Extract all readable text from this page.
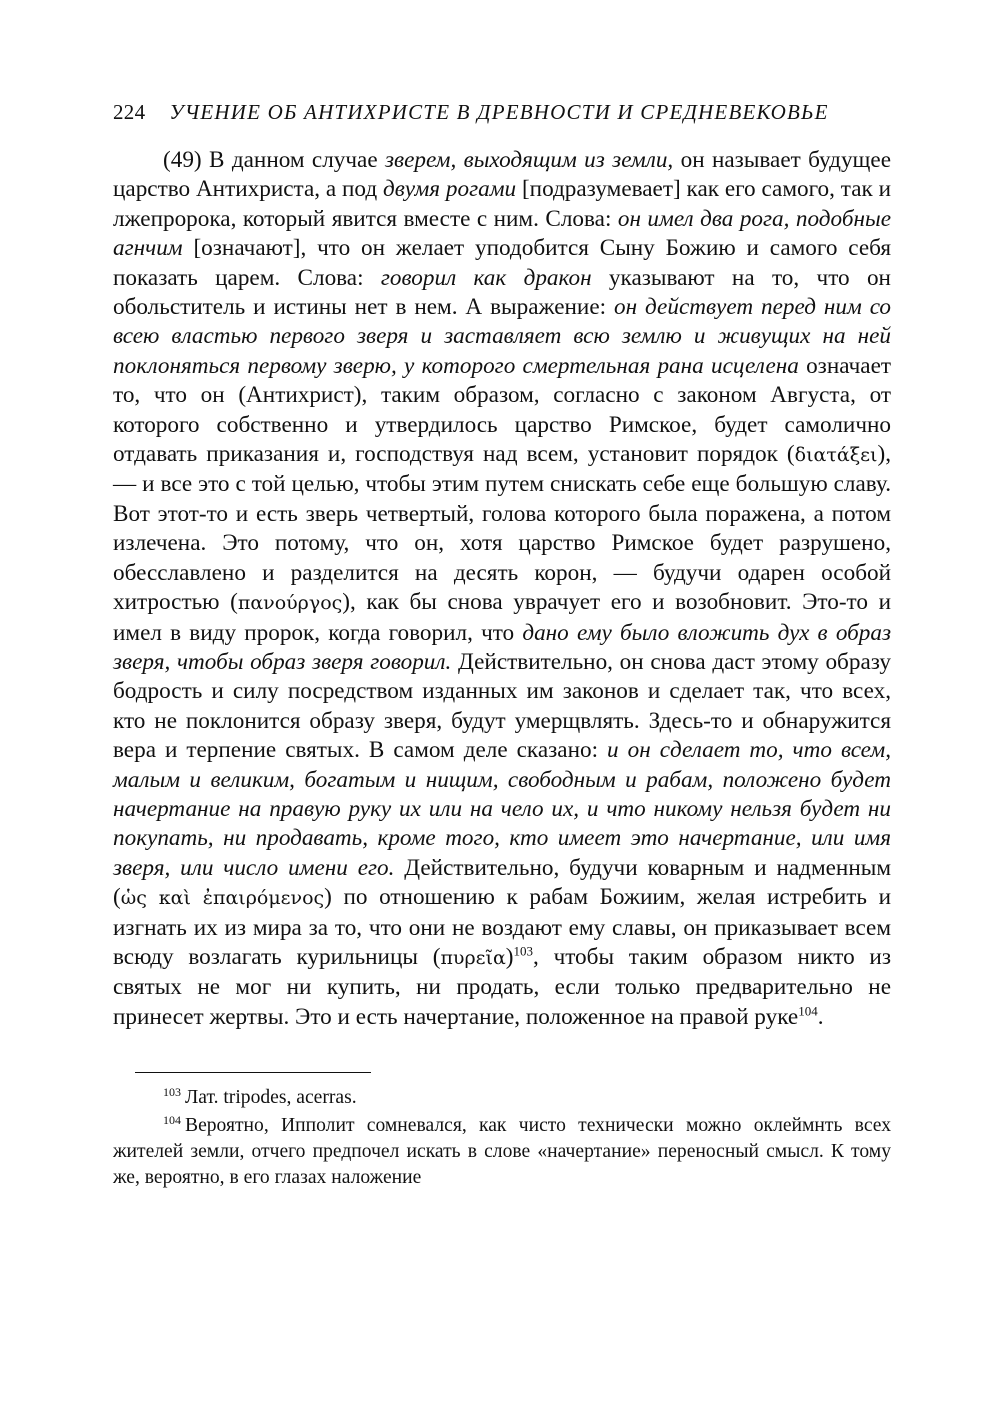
224 УЧЕНИЕ ОБ АНТИХРИСТЕ В ДРЕВНОСТИ И СРЕДНЕВЕКОВЬЕ

(49) В данном случае зверем, выходящим из земли, он называет будущее царство Антихриста, а под двумя рогами [подразумевает] как его самого, так и лжепророка, который явится вместе с ним. Слова: он имел два рога, подобные агнчим [означают], что он желает уподобится Сыну Божию и самого себя показать царем. Слова: говорил как дракон указывают на то, что он обольститель и истины нет в нем. А выражение: он действует перед ним со всею властью первого зверя и заставляет всю землю и живущих на ней поклоняться первому зверю, у которого смертельная рана исцелена означает то, что он (Антихрист), таким образом, согласно с законом Августа, от которого собственно и утвердилось царство Римское, будет самолично отдавать приказания и, господствуя над всем, установит порядок (διατάξει), — и все это с той целью, чтобы этим путем снискать себе еще большую славу. Вот этот-то и есть зверь четвертый, голова которого была поражена, а потом излечена. Это потому, что он, хотя царство Римское будет разрушено, обесславлено и разделится на десять корон, — будучи одарен особой хитростью (πανούργος), как бы снова уврачует его и возобновит. Это-то и имел в виду пророк, когда говорил, что дано ему было вложить дух в образ зверя, чтобы образ зверя говорил. Действительно, он снова даст этому образу бодрость и силу посредством изданных им законов и сделает так, что всех, кто не поклонится образу зверя, будут умерщвлять. Здесь-то и обнаружится вера и терпение святых. В самом деле сказано: и он сделает то, что всем, малым и великим, богатым и нищим, свободным и рабам, положено будет начертание на правую руку их или на чело их, и что никому нельзя будет ни покупать, ни продавать, кроме того, кто имеет это начертание, или имя зверя, или число имени его. Действительно, будучи коварным и надменным (ὡς καὶ ἐπαιρόμενος) по отношению к рабам Божиим, желая истребить и изгнать их из мира за то, что они не воздают ему славы, он приказывает всем всюду возлагать курильницы (πυρεῖα)$^{103}$, чтобы таким образом никто из святых не мог ни купить, ни продать, если только предварительно не принесет жертвы. Это и есть начертание, положенное на правой руке$^{104}$.

$^{103}$ Лат. tripodes, acerras.

$^{104}$ Вероятно, Ипполит сомневался, как чисто технически можно оклеймнть всех жителей земли, отчего предпочел искать в слове «начертание» переносный смысл. К тому же, вероятно, в его глазах наложение
